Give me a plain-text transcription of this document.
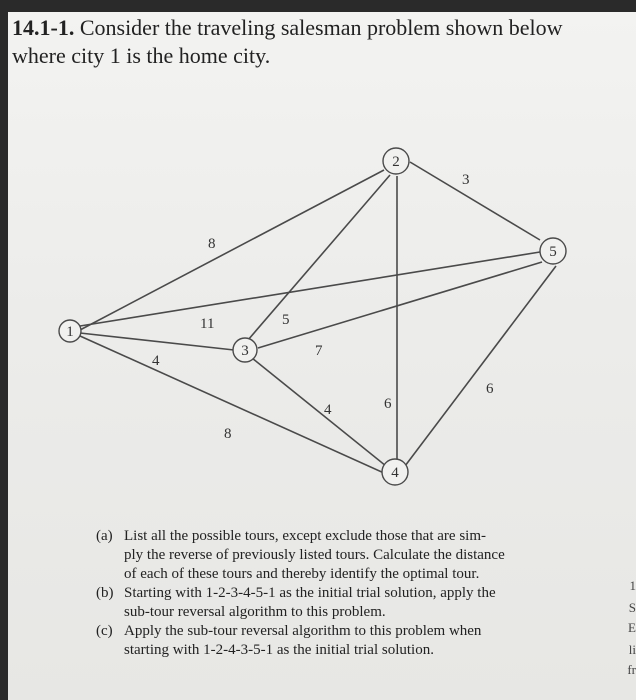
14.1-1. Consider the traveling salesman problem shown below
where city 1 is the home city.
8
4
8
11	5
6
3
4
7
6
1
2
3
4
5
(a) List all the possible tours, except exclude those that are sim-
ply the reverse of previously listed tours. Calculate the distance
of each of these tours and thereby identify the optimal tour.
(b) Starting with 1-2-3-4-5-1 as the initial trial solution, apply the
sub-tour reversal algorithm to this problem.
(c) Apply the sub-tour reversal algorithm to this problem when
starting with 1-2-4-3-5-1 as the initial trial solution.
1
S
E
li
fr
